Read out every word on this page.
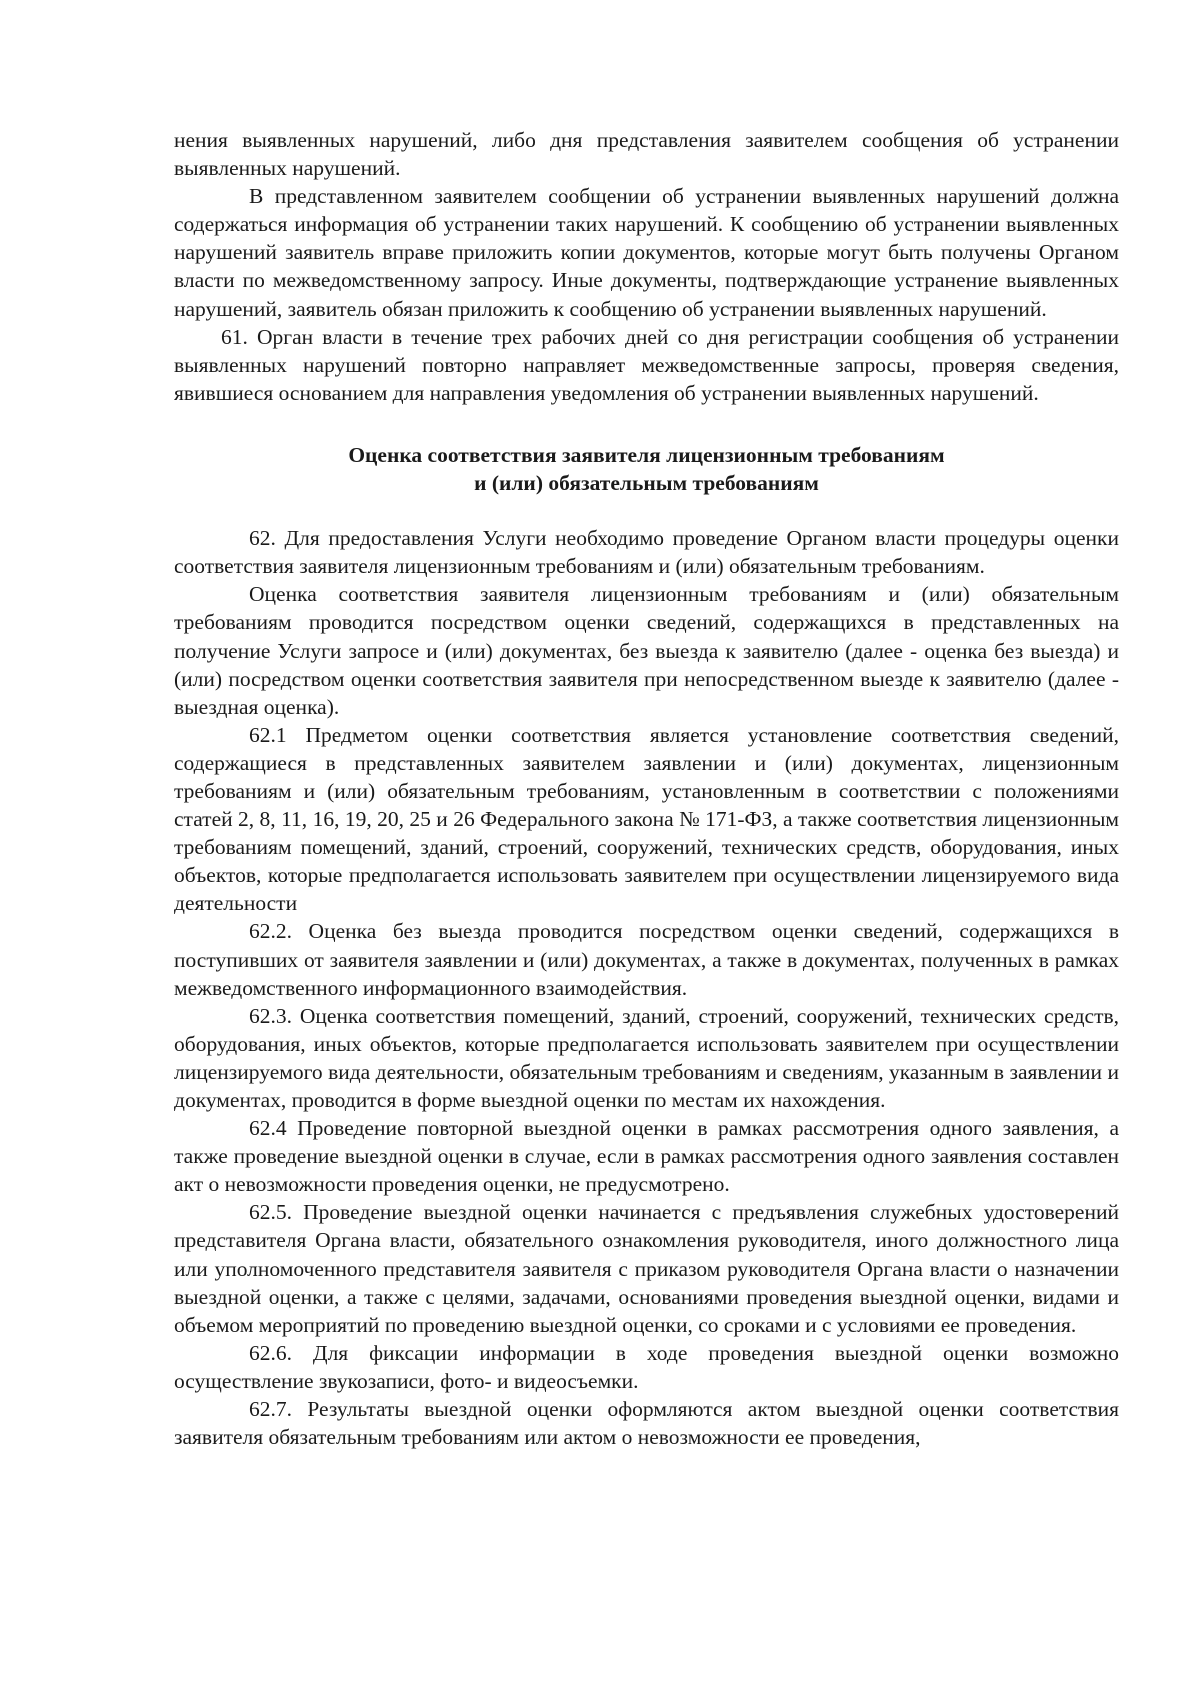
нения выявленных нарушений, либо дня представления заявителем сообщения об устранении выявленных нарушений.

В представленном заявителем сообщении об устранении выявленных нарушений должна содержаться информация об устранении таких нарушений. К сообщению об устранении выявленных нарушений заявитель вправе приложить копии документов, которые могут быть получены Органом власти по межведомственному запросу. Иные документы, подтверждающие устранение выявленных нарушений, заявитель обязан приложить к сообщению об устранении выявленных нарушений.

61. Орган власти в течение трех рабочих дней со дня регистрации сообщения об устранении выявленных нарушений повторно направляет межведомственные запросы, проверяя сведения, явившиеся основанием для направления уведомления об устранении выявленных нарушений.

Оценка соответствия заявителя лицензионным требованиям
и (или) обязательным требованиям

62. Для предоставления Услуги необходимо проведение Органом власти процедуры оценки соответствия заявителя лицензионным требованиям и (или) обязательным требованиям.

Оценка соответствия заявителя лицензионным требованиям и (или) обязательным требованиям проводится посредством оценки сведений, содержащихся в представленных на получение Услуги запросе и (или) документах, без выезда к заявителю (далее - оценка без выезда) и (или) посредством оценки соответствия заявителя при непосредственном выезде к заявителю (далее - выездная оценка).

62.1 Предметом оценки соответствия является установление соответствия сведений, содержащиеся в представленных заявителем заявлении и (или) документах, лицензионным требованиям и (или) обязательным требованиям, установленным в соответствии с положениями статей 2, 8, 11, 16, 19, 20, 25 и 26 Федерального закона № 171-ФЗ, а также соответствия лицензионным требованиям помещений, зданий, строений, сооружений, технических средств, оборудования, иных объектов, которые предполагается использовать заявителем при осуществлении лицензируемого вида деятельности

62.2. Оценка без выезда проводится посредством оценки сведений, содержащихся в поступивших от заявителя заявлении и (или) документах, а также в документах, полученных в рамках межведомственного информационного взаимодействия.

62.3. Оценка соответствия помещений, зданий, строений, сооружений, технических средств, оборудования, иных объектов, которые предполагается использовать заявителем при осуществлении лицензируемого вида деятельности, обязательным требованиям и сведениям, указанным в заявлении и документах, проводится в форме выездной оценки по местам их нахождения.

62.4 Проведение повторной выездной оценки в рамках рассмотрения одного заявления, а также проведение выездной оценки в случае, если в рамках рассмотрения одного заявления составлен акт о невозможности проведения оценки, не предусмотрено.

62.5. Проведение выездной оценки начинается с предъявления служебных удостоверений представителя Органа власти, обязательного ознакомления руководителя, иного должностного лица или уполномоченного представителя заявителя с приказом руководителя Органа власти о назначении выездной оценки, а также с целями, задачами, основаниями проведения выездной оценки, видами и объемом мероприятий по проведению выездной оценки, со сроками и с условиями ее проведения.

62.6. Для фиксации информации в ходе проведения выездной оценки возможно осуществление звукозаписи, фото- и видеосъемки.

62.7. Результаты выездной оценки оформляются актом выездной оценки соответствия заявителя обязательным требованиям или актом о невозможности ее проведения,
